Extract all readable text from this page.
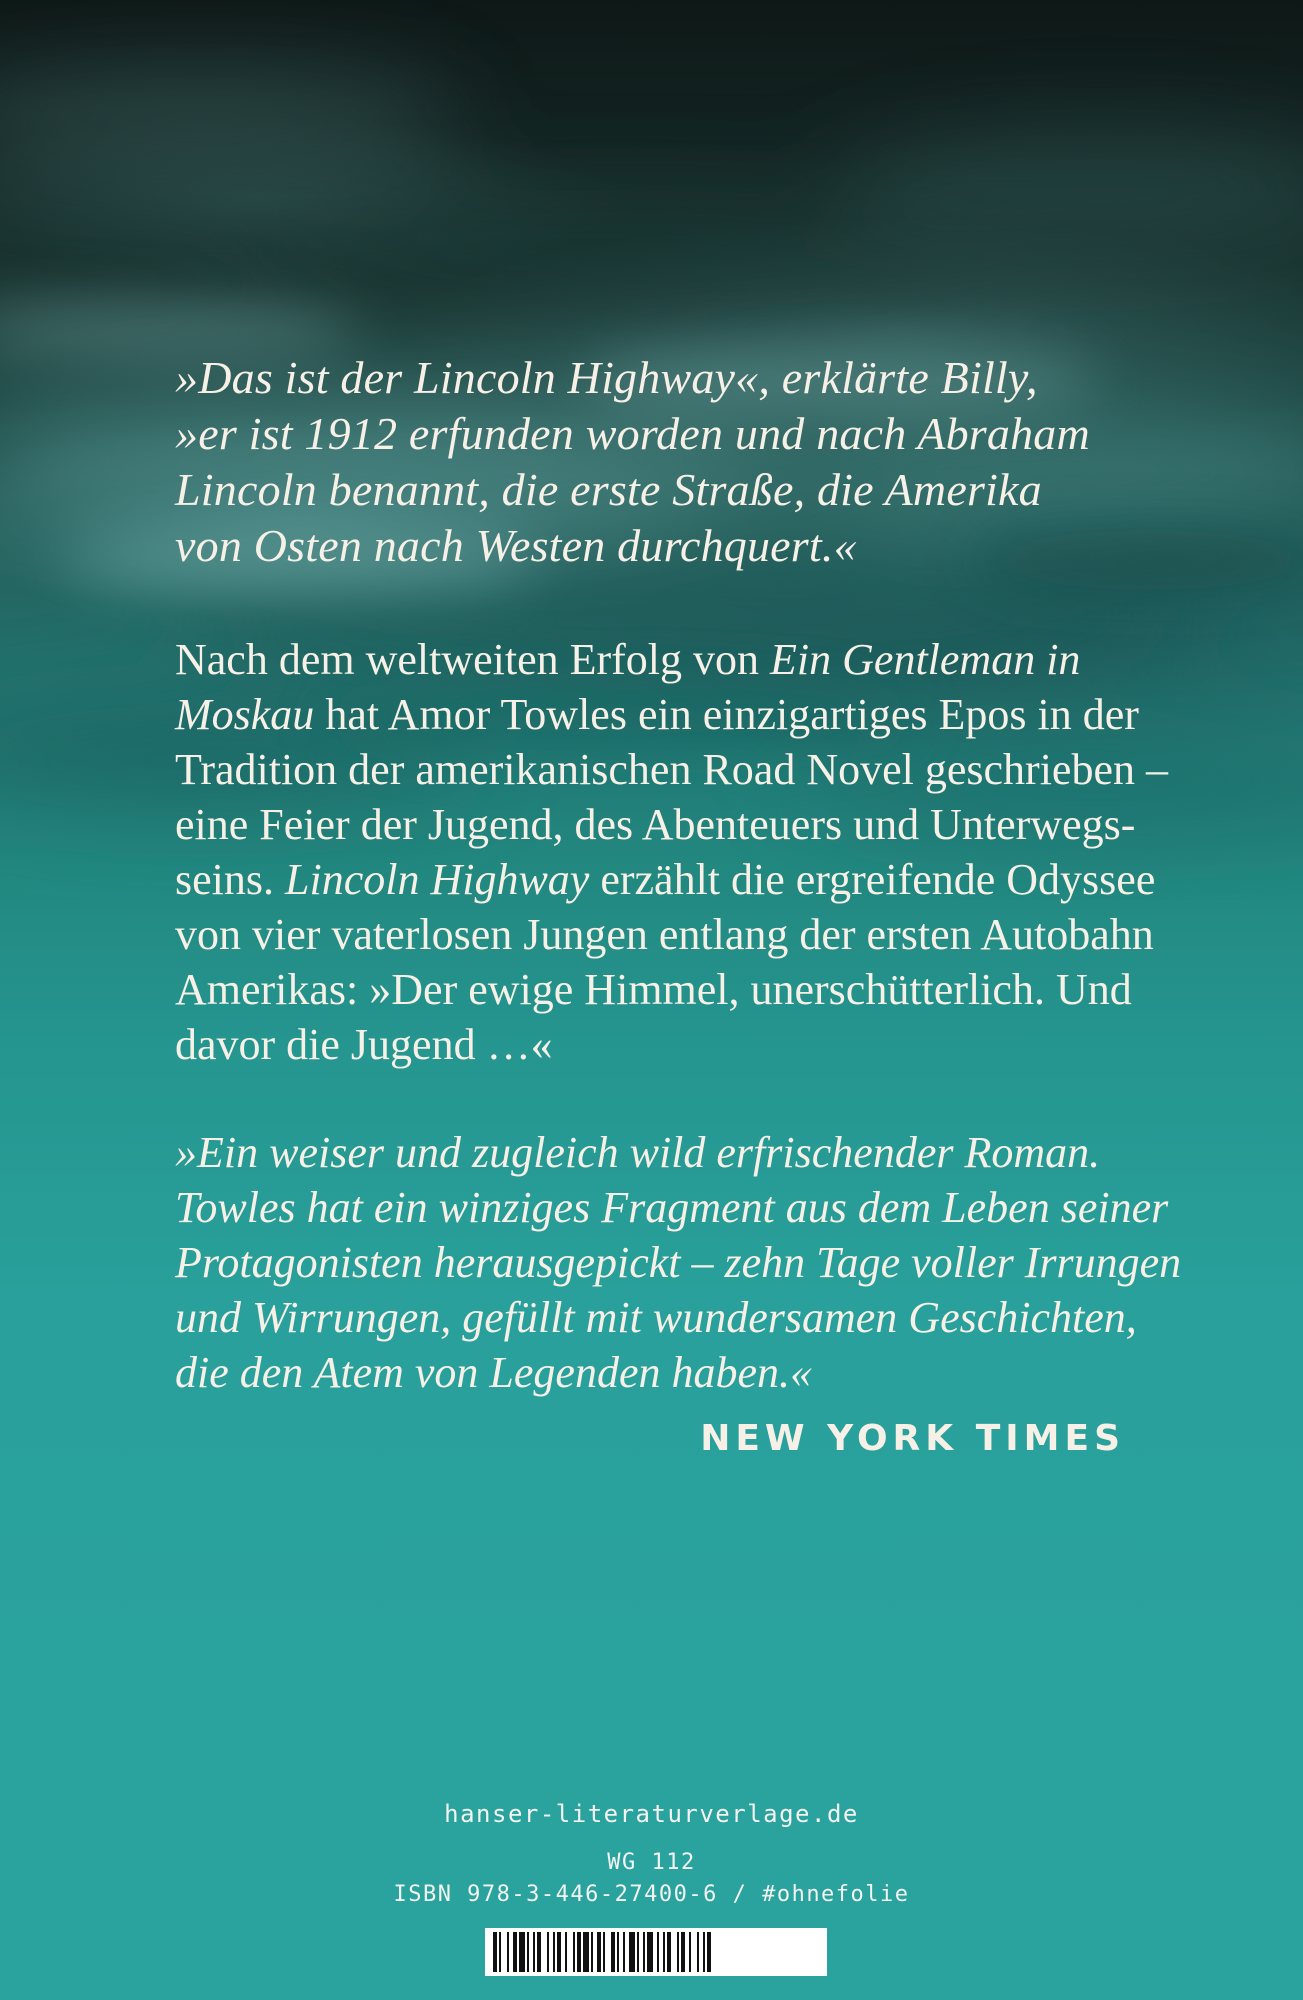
»Das ist der Lincoln Highway«, erklärte Billy,
»er ist 1912 erfunden worden und nach Abraham
Lincoln benannt, die erste Straße, die Amerika
von Osten nach Westen durchquert.«
Nach dem weltweiten Erfolg von Ein Gentleman in
Moskau hat Amor Towles ein einzigartiges Epos in der
Tradition der amerikanischen Road Novel geschrieben –
eine Feier der Jugend, des Abenteuers und Unterwegs-
seins. Lincoln Highway erzählt die ergreifende Odyssee
von vier vaterlosen Jungen entlang der ersten Autobahn
Amerikas: »Der ewige Himmel, unerschütterlich. Und
davor die Jugend …«
»Ein weiser und zugleich wild erfrischender Roman.
Towles hat ein winziges Fragment aus dem Leben seiner
Protagonisten herausgepickt – zehn Tage voller Irrungen
und Wirrungen, gefüllt mit wundersamen Geschichten,
die den Atem von Legenden haben.«
NEW YORK TIMES
hanser-literaturverlage.de
WG 112
ISBN 978-3-446-27400-6 / #ohnefolie
